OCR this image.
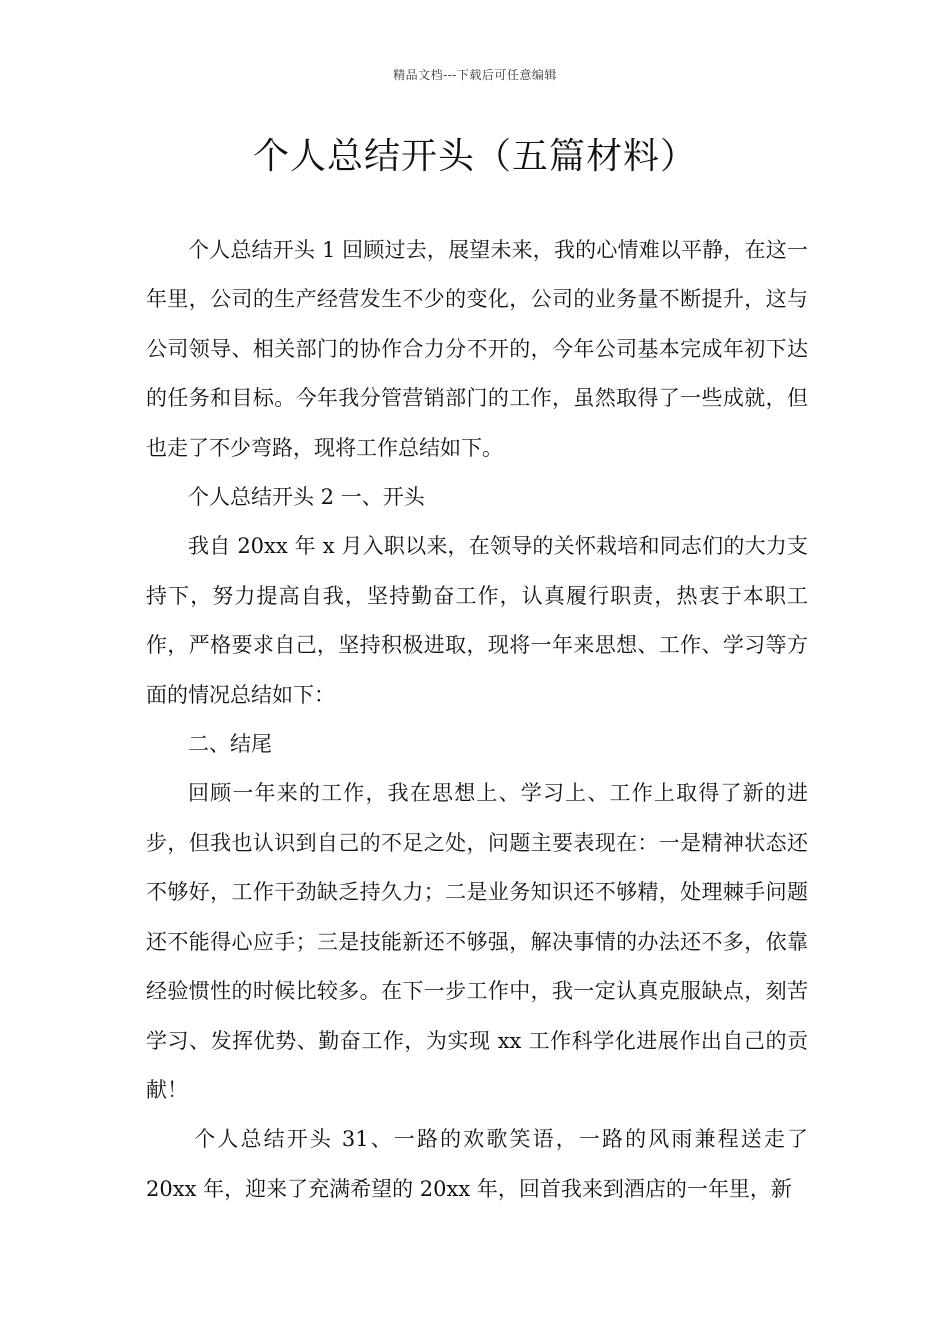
精品文档---下载后可任意编辑
个人总结开头（五篇材料）

个人总结开头 1 回顾过去，展望未来，我的心情难以平静，在这一年里，公司的生产经营发生不少的变化，公司的业务量不断提升，这与公司领导、相关部门的协作合力分不开的，今年公司基本完成年初下达的任务和目标。今年我分管营销部门的工作，虽然取得了一些成就，但也走了不少弯路，现将工作总结如下。

个人总结开头 2 一、开头

我自 20xx 年 x 月入职以来，在领导的关怀栽培和同志们的大力支持下，努力提高自我，坚持勤奋工作，认真履行职责，热衷于本职工作，严格要求自己，坚持积极进取，现将一年来思想、工作、学习等方面的情况总结如下：

二、结尾

回顾一年来的工作，我在思想上、学习上、工作上取得了新的进步，但我也认识到自己的不足之处，问题主要表现在：一是精神状态还不够好，工作干劲缺乏持久力；二是业务知识还不够精，处理棘手问题还不能得心应手；三是技能新还不够强，解决事情的办法还不多，依靠经验惯性的时候比较多。在下一步工作中，我一定认真克服缺点，刻苦学习、发挥优势、勤奋工作，为实现 xx 工作科学化进展作出自己的贡献！

个人总结开头 31、一路的欢歌笑语，一路的风雨兼程送走了 20xx 年，迎来了充满希望的 20xx 年，回首我来到酒店的一年里，新
